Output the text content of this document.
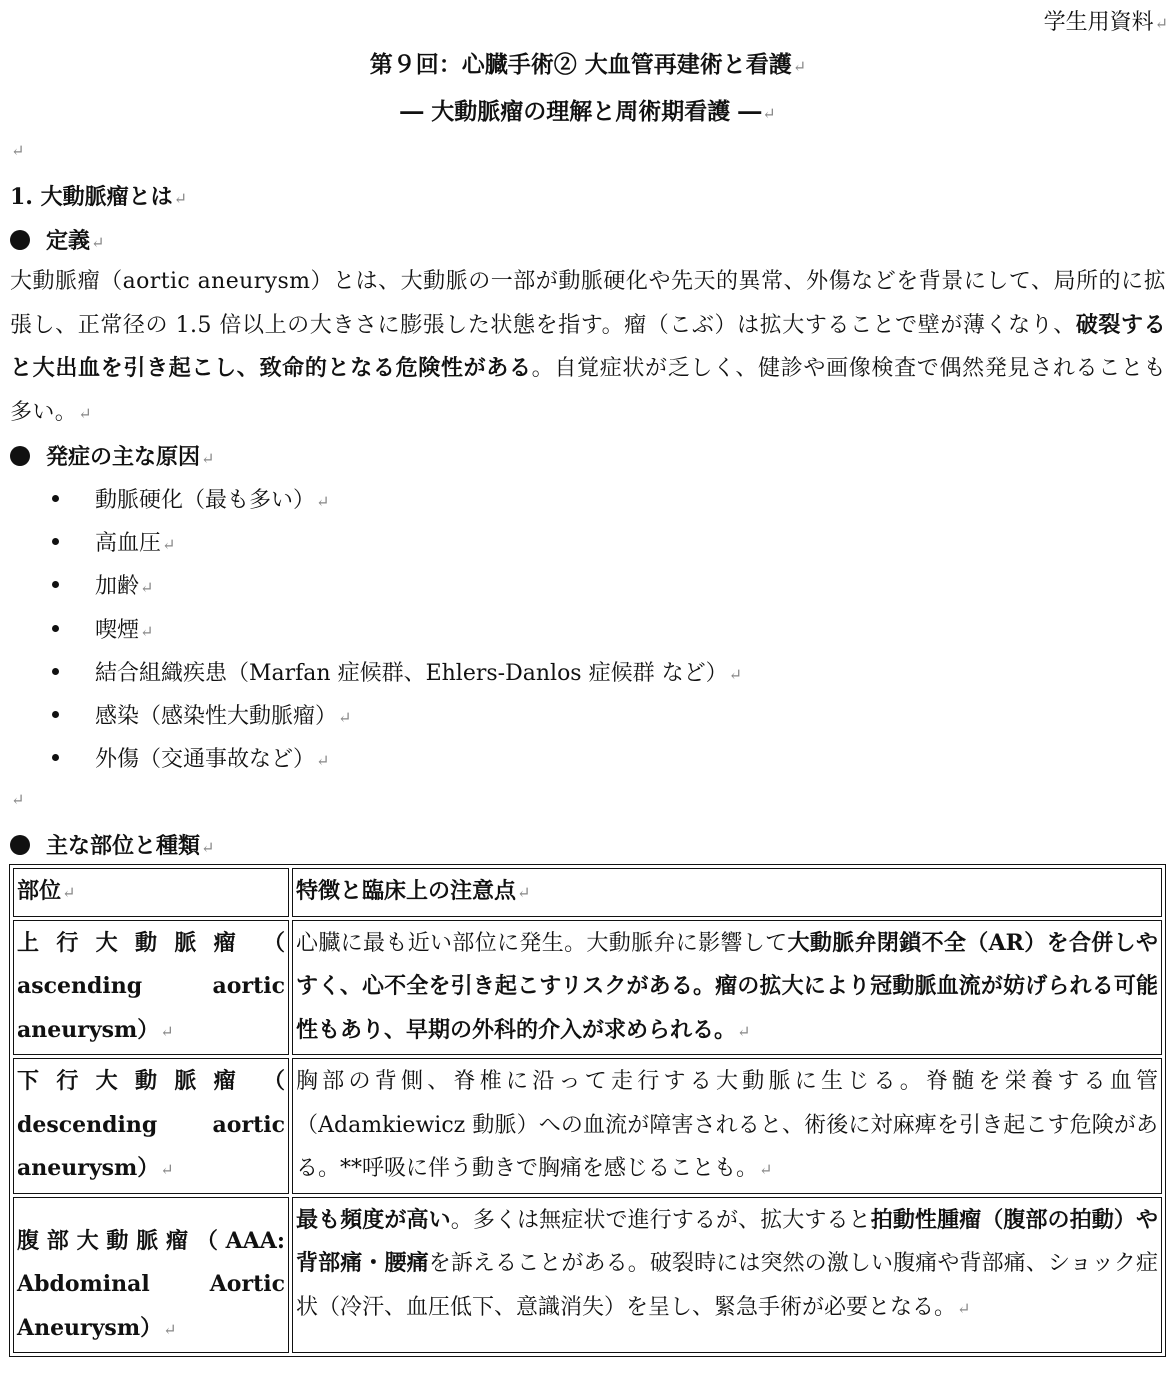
学生用資料↵
第９回：心臓手術② 大血管再建術と看護↵
― 大動脈瘤の理解と周術期看護 ―↵
↵
1. 大動脈瘤とは↵
定義↵
大動脈瘤（aortic aneurysm）とは、大動脈の一部が動脈硬化や先天的異常、外傷などを背景にして、局所的に拡張し、正常径の 1.5 倍以上の大きさに膨張した状態を指す。瘤（こぶ）は拡大することで壁が薄くなり、破裂すると大出血を引き起こし、致命的となる危険性がある。自覚症状が乏しく、健診や画像検査で偶然発見されることも多い。↵
発症の主な原因↵
動脈硬化（最も多い）↵
高血圧↵
加齢↵
喫煙↵
結合組織疾患（Marfan 症候群、Ehlers-Danlos 症候群 など）↵
感染（感染性大動脈瘤）↵
外傷（交通事故など）↵
↵
主な部位と種類↵
部位↵	特徴と臨床上の注意点↵
上行大動脈瘤 （ ascending aortic aneurysm）↵	心臓に最も近い部位に発生。大動脈弁に影響して大動脈弁閉鎖不全（AR）を合併しやすく、心不全を引き起こすリスクがある。瘤の拡大により冠動脈血流が妨げられる可能性もあり、早期の外科的介入が求められる。↵
下行大動脈瘤 （ descending aortic aneurysm）↵	胸部の背側、脊椎に沿って走行する大動脈に生じる。脊髄を栄養する血管（Adamkiewicz 動脈）への血流が障害されると、術後に対麻痺を引き起こす危険がある。**呼吸に伴う動きで胸痛を感じることも。↵
腹部大動脈瘤（AAA: Abdominal Aortic Aneurysm）↵	最も頻度が高い。多くは無症状で進行するが、拡大すると拍動性腫瘤（腹部の拍動）や背部痛・腰痛を訴えることがある。破裂時には突然の激しい腹痛や背部痛、ショック症状（冷汗、血圧低下、意識消失）を呈し、緊急手術が必要となる。↵
